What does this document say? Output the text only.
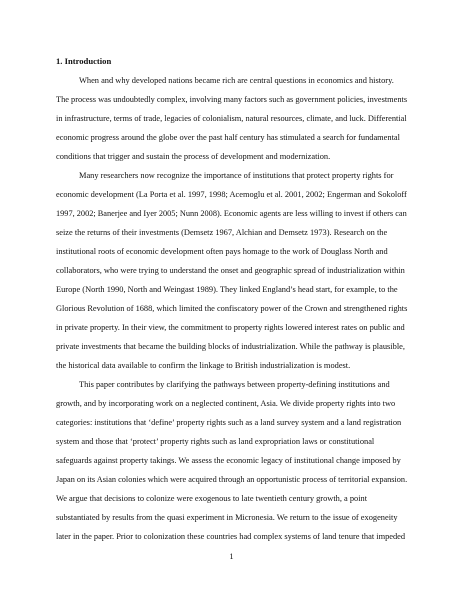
1. Introduction
When and why developed nations became rich are central questions in economics and history.
The process was undoubtedly complex, involving many factors such as government policies, investments
in infrastructure, terms of trade, legacies of colonialism, natural resources, climate, and luck. Differential
economic progress around the globe over the past half century has stimulated a search for fundamental
conditions that trigger and sustain the process of development and modernization.
Many researchers now recognize the importance of institutions that protect property rights for
economic development (La Porta et al. 1997, 1998; Acemoglu et al. 2001, 2002; Engerman and Sokoloff
1997, 2002; Banerjee and Iyer 2005; Nunn 2008). Economic agents are less willing to invest if others can
seize the returns of their investments (Demsetz 1967, Alchian and Demsetz 1973). Research on the
institutional roots of economic development often pays homage to the work of Douglass North and
collaborators, who were trying to understand the onset and geographic spread of industrialization within
Europe (North 1990, North and Weingast 1989). They linked England’s head start, for example, to the
Glorious Revolution of 1688, which limited the confiscatory power of the Crown and strengthened rights
in private property. In their view, the commitment to property rights lowered interest rates on public and
private investments that became the building blocks of industrialization. While the pathway is plausible,
the historical data available to confirm the linkage to British industrialization is modest.
This paper contributes by clarifying the pathways between property-defining institutions and
growth, and by incorporating work on a neglected continent, Asia. We divide property rights into two
categories: institutions that ‘define’ property rights such as a land survey system and a land registration
system and those that ‘protect’ property rights such as land expropriation laws or constitutional
safeguards against property takings. We assess the economic legacy of institutional change imposed by
Japan on its Asian colonies which were acquired through an opportunistic process of territorial expansion.
We argue that decisions to colonize were exogenous to late twentieth century growth, a point
substantiated by results from the quasi experiment in Micronesia. We return to the issue of exogeneity
later in the paper. Prior to colonization these countries had complex systems of land tenure that impeded
1
